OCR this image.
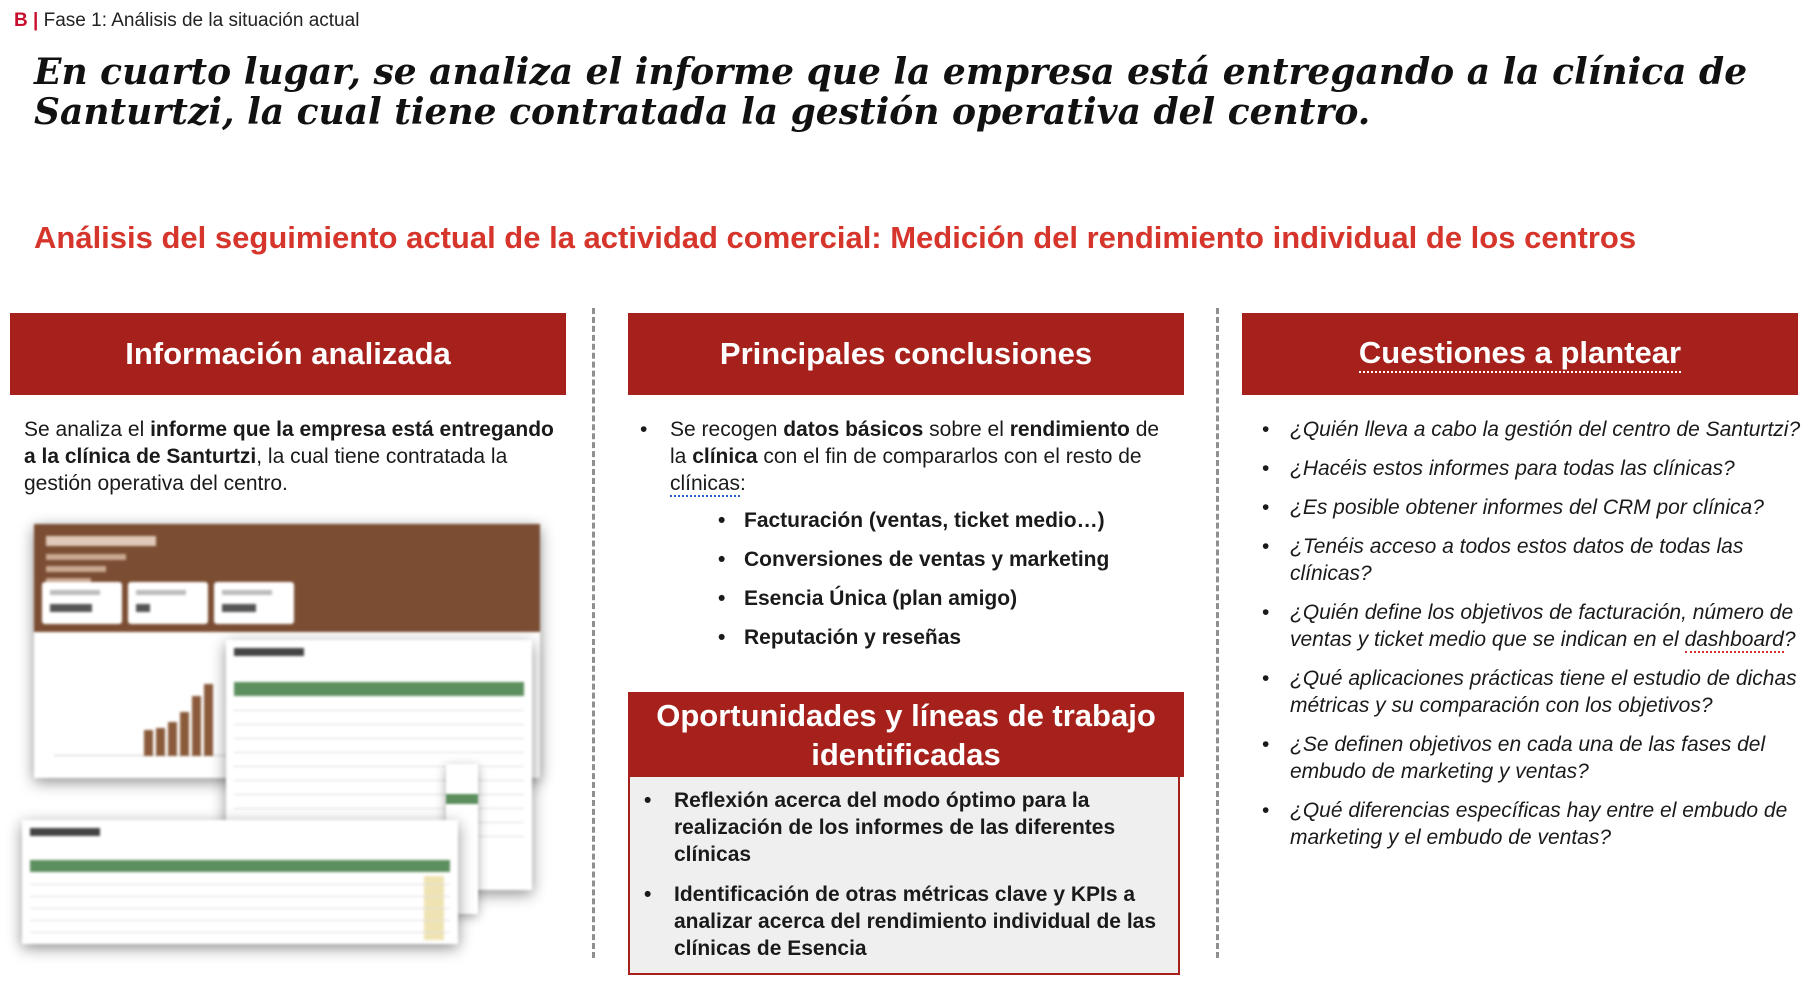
B | Fase 1: Análisis de la situación actual
En cuarto lugar, se analiza el informe que la empresa está entregando a la clínica de Santurtzi, la cual tiene contratada la gestión operativa del centro.
Análisis del seguimiento actual de la actividad comercial: Medición del rendimiento individual de los centros
Información analizada	Principales conclusiones	Cuestiones a plantear
Se analiza el informe que la empresa está entregando a la clínica de Santurtzi, la cual tiene contratada la gestión operativa del centro.
• Se recogen datos básicos sobre el rendimiento de la clínica con el fin de compararlos con el resto de clínicas:
• Facturación (ventas, ticket medio…)
• Conversiones de ventas y marketing
• Esencia Única (plan amigo)
• Reputación y reseñas
Oportunidades y líneas de trabajo identificadas
• Reflexión acerca del modo óptimo para la realización de los informes de las diferentes clínicas
• Identificación de otras métricas clave y KPIs a analizar acerca del rendimiento individual de las clínicas de Esencia
• ¿Quién lleva a cabo la gestión del centro de Santurtzi?
• ¿Hacéis estos informes para todas las clínicas?
• ¿Es posible obtener informes del CRM por clínica?
• ¿Tenéis acceso a todos estos datos de todas las clínicas?
• ¿Quién define los objetivos de facturación, número de ventas y ticket medio que se indican en el dashboard?
• ¿Qué aplicaciones prácticas tiene el estudio de dichas métricas y su comparación con los objetivos?
• ¿Se definen objetivos en cada una de las fases del embudo de marketing y ventas?
• ¿Qué diferencias específicas hay entre el embudo de marketing y el embudo de ventas?
